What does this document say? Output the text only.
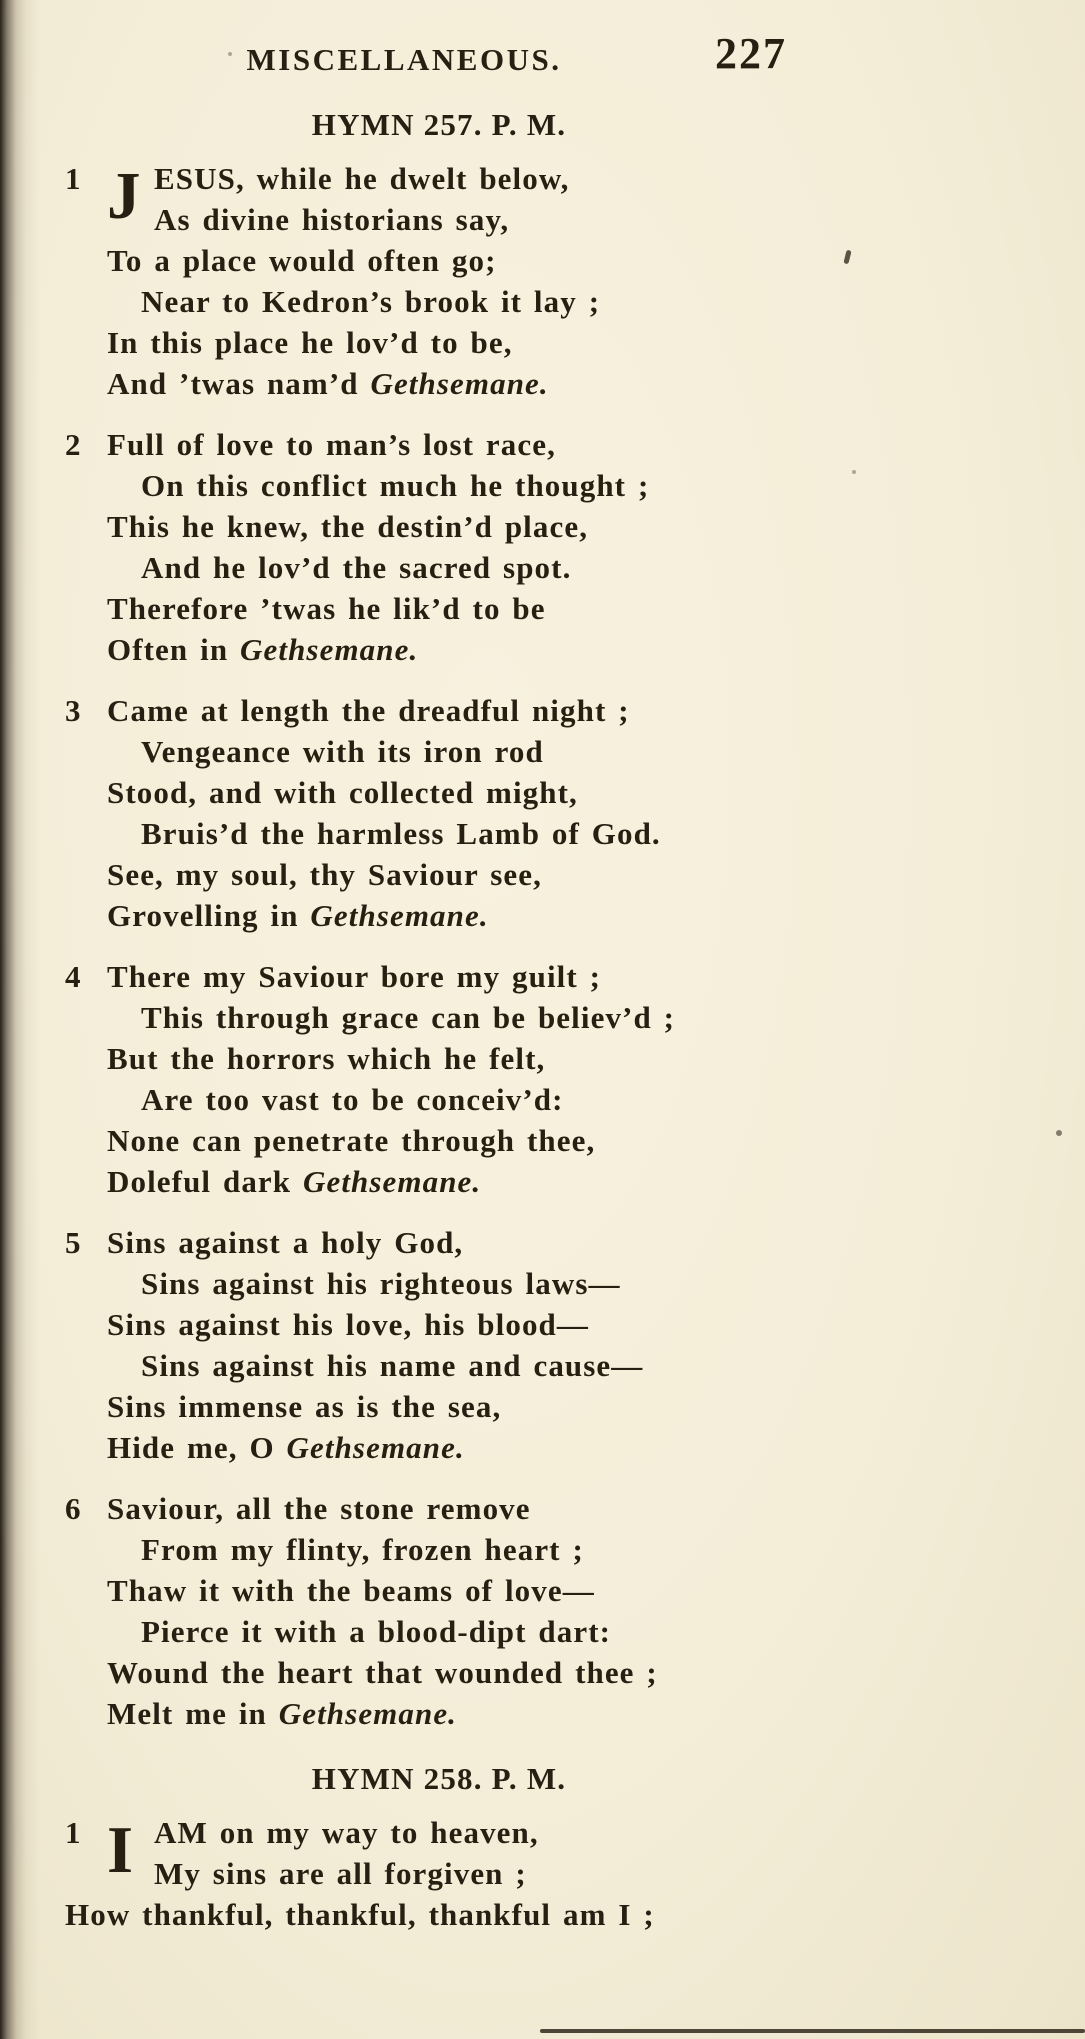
MISCELLANEOUS.	227
HYMN 257. P. M.
1 J ESUS, while he dwelt below,
As divine historians say,
To a place would often go;
Near to Kedron’s brook it lay ;
In this place he lov’d to be,
And ’twas nam’d Gethsemane.
2 Full of love to man’s lost race,
On this conflict much he thought ;
This he knew, the destin’d place,
And he lov’d the sacred spot.
Therefore ’twas he lik’d to be
Often in Gethsemane.
3 Came at length the dreadful night ;
Vengeance with its iron rod
Stood, and with collected might,
Bruis’d the harmless Lamb of God.
See, my soul, thy Saviour see,
Grovelling in Gethsemane.
4 There my Saviour bore my guilt ;
This through grace can be believ’d ;
But the horrors which he felt,
Are too vast to be conceiv’d:
None can penetrate through thee,
Doleful dark Gethsemane.
5 Sins against a holy God,
Sins against his righteous laws—
Sins against his love, his blood—
Sins against his name and cause—
Sins immense as is the sea,
Hide me, O Gethsemane.
6 Saviour, all the stone remove
From my flinty, frozen heart ;
Thaw it with the beams of love—
Pierce it with a blood-dipt dart:
Wound the heart that wounded thee ;
Melt me in Gethsemane.
HYMN 258. P. M.
1 I AM on my way to heaven,
My sins are all forgiven ;
How thankful, thankful, thankful am I ;
